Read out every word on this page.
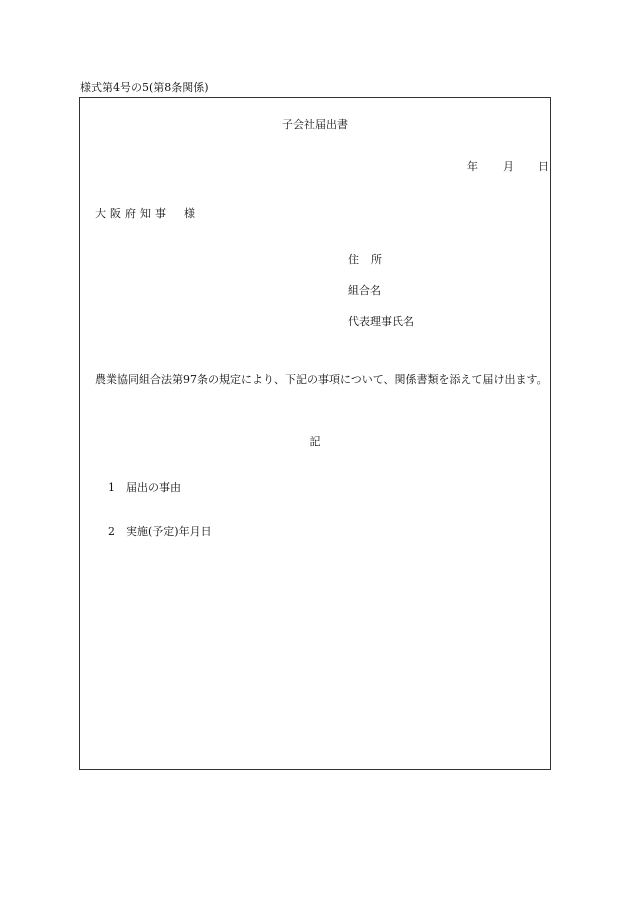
様式第4号の5(第8条関係)
子会社届出書
年 月 日
大阪府知事 様
住 所
組合名
代表理事氏名
農業協同組合法第97条の規定により、下記の事項について、関係書類を添えて届け出ます。
記
1 届出の事由
2 実施(予定)年月日
